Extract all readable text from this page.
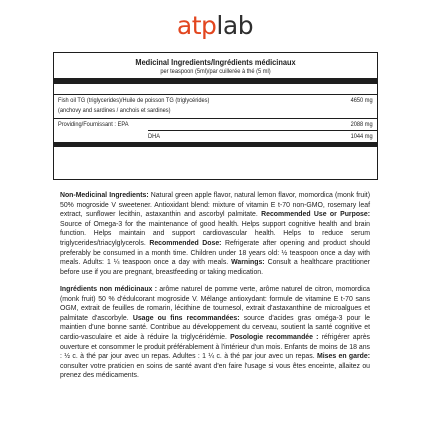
atplab
Medicinal Ingredients/Ingrédients médicinaux
per teaspoon (5ml)/par cuillerée à thé (5 ml)
Fish oil TG (triglycerides)/Huile de poisson TG (triglycérides)	4650 mg
(anchovy and sardines / anchois et sardines)
Providing/Fournissant : EPA	2088 mg
DHA	1044 mg

Non-Medicinal Ingredients: Natural green apple flavor, natural lemon flavor, momordica (monk fruit) 50% mogroside V sweetener. Antioxidant blend: mixture of vitamin E t-70 non-GMO, rosemary leaf extract, sunflower lecithin, astaxanthin and ascorbyl palmitate. Recommended Use or Purpose: Source of Omega-3 for the maintenance of good health. Helps support cognitive health and brain function. Helps maintain and support cardiovascular health. Helps to reduce serum triglycerides/triacylglycerols. Recommended Dose: Refrigerate after opening and product should preferably be consumed in a month time. Children under 18 years old: ½ teaspoon once a day with meals. Adults: 1 ¼ teaspoon once a day with meals. Warnings: Consult a healthcare practitioner before use if you are pregnant, breastfeeding or taking medication.

Ingrédients non médicinaux : arôme naturel de pomme verte, arôme naturel de citron, momordica (monk fruit) 50 % d'édulcorant mogroside V. Mélange antioxydant: formule de vitamine E t-70 sans OGM, extrait de feuilles de romarin, lécithine de tournesol, extrait d'astaxanthine de microalgues et palmitate d'ascorbyle. Usage ou fins recommandées: source d'acides gras oméga-3 pour le maintien d'une bonne santé. Contribue au développement du cerveau, soutient la santé cognitive et cardio-vasculaire et aide à réduire la triglycéridémie. Posologie recommandée : réfrigérer après ouverture et consommer le produit préférablement à l'intérieur d'un mois. Enfants de moins de 18 ans : ½ c. à thé par jour avec un repas. Adultes : 1 ¼ c. à thé par jour avec un repas. Mises en garde: consulter votre praticien en soins de santé avant d'en faire l'usage si vous êtes enceinte, allaitez ou prenez des médicaments.
